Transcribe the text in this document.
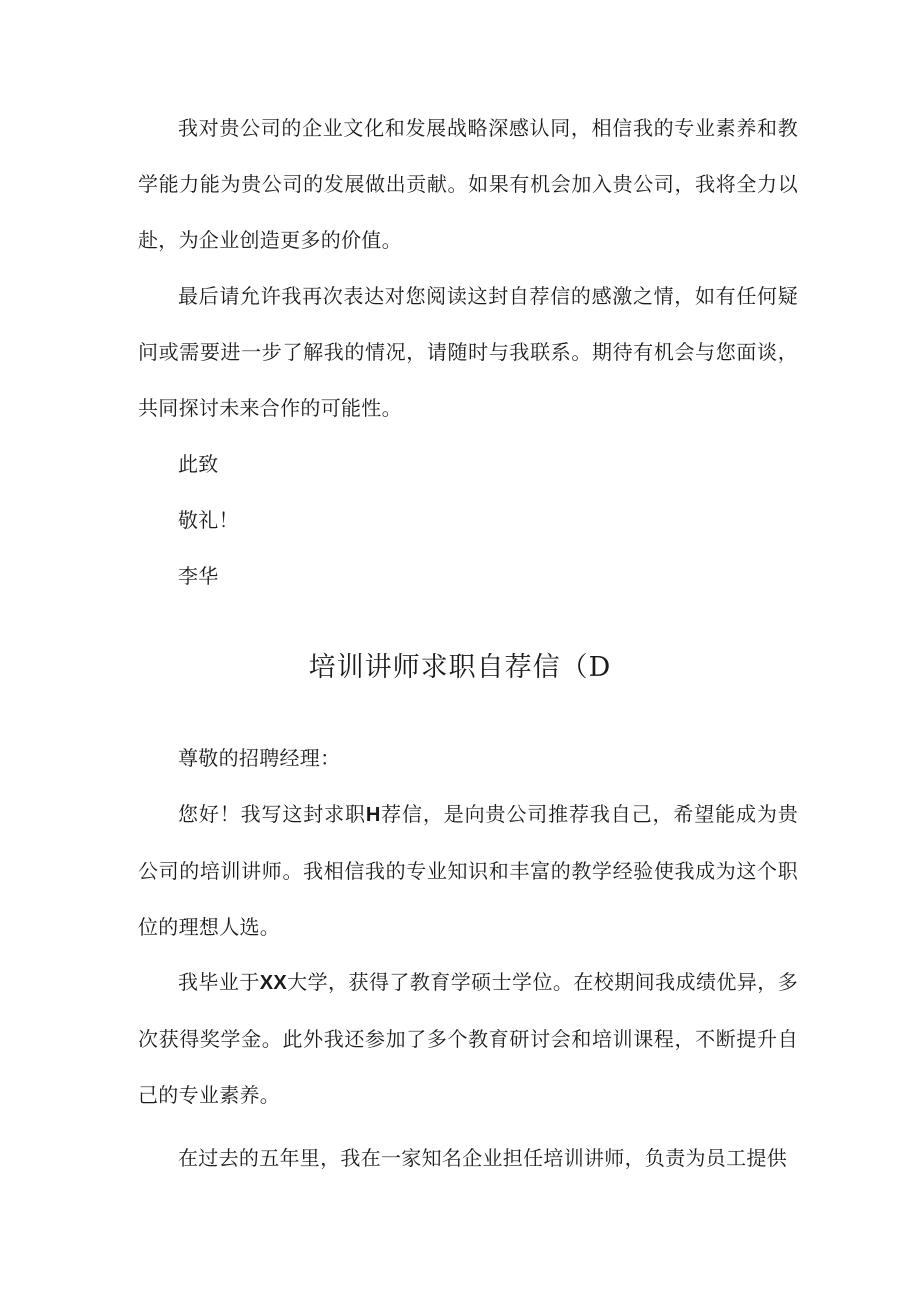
我对贵公司的企业文化和发展战略深感认同，相信我的专业素养和教学能力能为贵公司的发展做出贡献。如果有机会加入贵公司，我将全力以赴，为企业创造更多的价值。

最后请允许我再次表达对您阅读这封自荐信的感激之情，如有任何疑问或需要进一步了解我的情况，请随时与我联系。期待有机会与您面谈，共同探讨未来合作的可能性。

此致

敬礼！

李华

培训讲师求职自荐信（D

尊敬的招聘经理：

您好！我写这封求职H荐信，是向贵公司推荐我自己，希望能成为贵公司的培训讲师。我相信我的专业知识和丰富的教学经验使我成为这个职位的理想人选。

我毕业于XX大学，获得了教育学硕士学位。在校期间我成绩优异，多次获得奖学金。此外我还参加了多个教育研讨会和培训课程，不断提升自己的专业素养。

在过去的五年里，我在一家知名企业担任培训讲师，负责为员工提供
